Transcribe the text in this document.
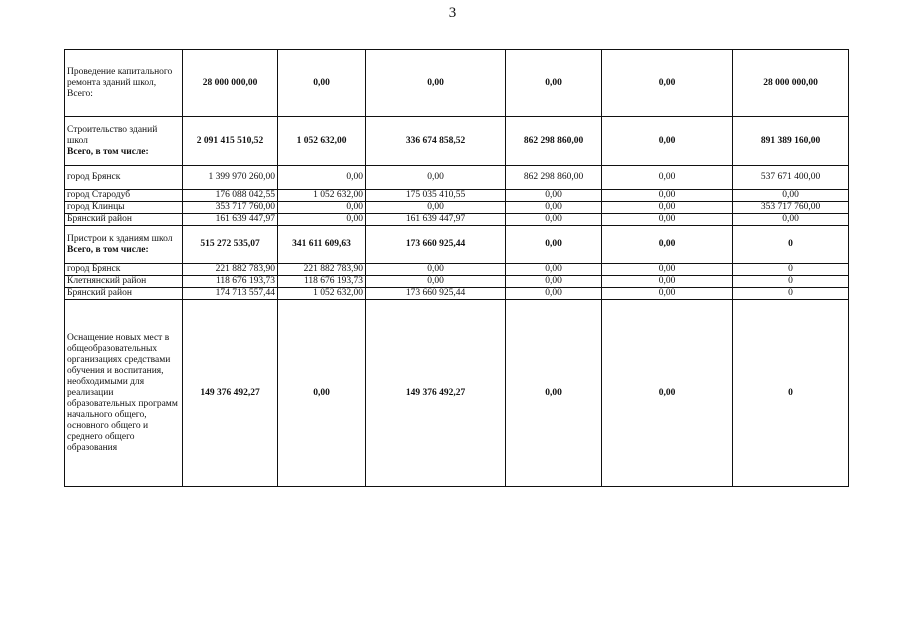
3
Проведение капитального ремонта зданий школ, Всего:	28 000 000,00	0,00	0,00	0,00	0,00	28 000 000,00
Строительство зданий школ
Всего, в том числе:	2 091 415 510,52	1 052 632,00	336 674 858,52	862 298 860,00	0,00	891 389 160,00
город Брянск	1 399 970 260,00	0,00	0,00	862 298 860,00	0,00	537 671 400,00
город Стародуб	176 088 042,55	1 052 632,00	175 035 410,55	0,00	0,00	0,00
город Клинцы	353 717 760,00	0,00	0,00	0,00	0,00	353 717 760,00
Брянский район	161 639 447,97	0,00	161 639 447,97	0,00	0,00	0,00
Пристрои к зданиям школ
Всего, в том числе:	515 272 535,07	341 611 609,63	173 660 925,44	0,00	0,00	0
город Брянск	221 882 783,90	221 882 783,90	0,00	0,00	0,00	0
Клетнянский район	118 676 193,73	118 676 193,73	0,00	0,00	0,00	0
Брянский район	174 713 557,44	1 052 632,00	173 660 925,44	0,00	0,00	0
Оснащение новых мест в общеобразовательных организациях средствами обучения и воспитания, необходимыми для реализации образовательных программ начального общего, основного общего и среднего общего образования	149 376 492,27	0,00	149 376 492,27	0,00	0,00	0
